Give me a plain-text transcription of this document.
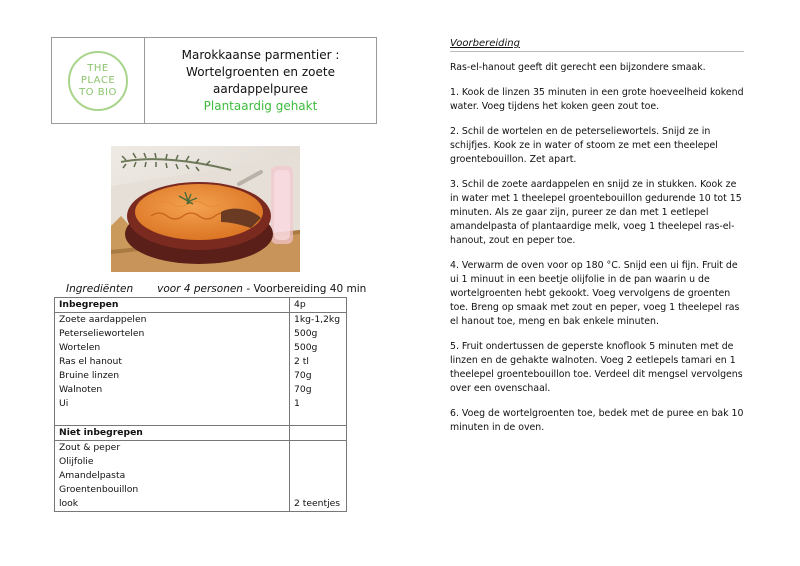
THE PLACE
TO BIO
Marokkaanse parmentier :
Wortelgroenten en zoete
aardappelpuree
Plantaardig gehakt
Ingrediënten voor 4 personen - Voorbereiding 40 min
Inbegrepen	4p
Zoete aardappelen	1kg-1,2kg
Peterseliewortelen	500g
Wortelen	500g
Ras el hanout	2 tl
Bruine linzen	70g
Walnoten	70g
Ui	1

Niet inbegrepen	
Zout & peper	
Olijfolie	
Amandelpasta	
Groentenbouillon	
look	2 teentjes
Voorbereiding

Ras-el-hanout geeft dit gerecht een bijzondere smaak.

1. Kook de linzen 35 minuten in een grote hoeveelheid kokend water. Voeg tijdens het koken geen zout toe.

2. Schil de wortelen en de peterseliewortels. Snijd ze in schijfjes. Kook ze in water of stoom ze met een theelepel groentebouillon. Zet apart.

3. Schil de zoete aardappelen en snijd ze in stukken. Kook ze in water met 1 theelepel groentebouillon gedurende 10 tot 15 minuten. Als ze gaar zijn, pureer ze dan met 1 eetlepel amandelpasta of plantaardige melk, voeg 1 theelepel ras-el-hanout, zout en peper toe.

4. Verwarm de oven voor op 180 °C. Snijd een ui fijn. Fruit de ui 1 minuut in een beetje olijfolie in de pan waarin u de wortelgroenten hebt gekookt. Voeg vervolgens de groenten toe. Breng op smaak met zout en peper, voeg 1 theelepel ras el hanout toe, meng en bak enkele minuten.

5. Fruit ondertussen de geperste knoflook 5 minuten met de linzen en de gehakte walnoten. Voeg 2 eetlepels tamari en 1 theelepel groentebouillon toe. Verdeel dit mengsel vervolgens over een ovenschaal.

6. Voeg de wortelgroenten toe, bedek met de puree en bak 10 minuten in de oven.
